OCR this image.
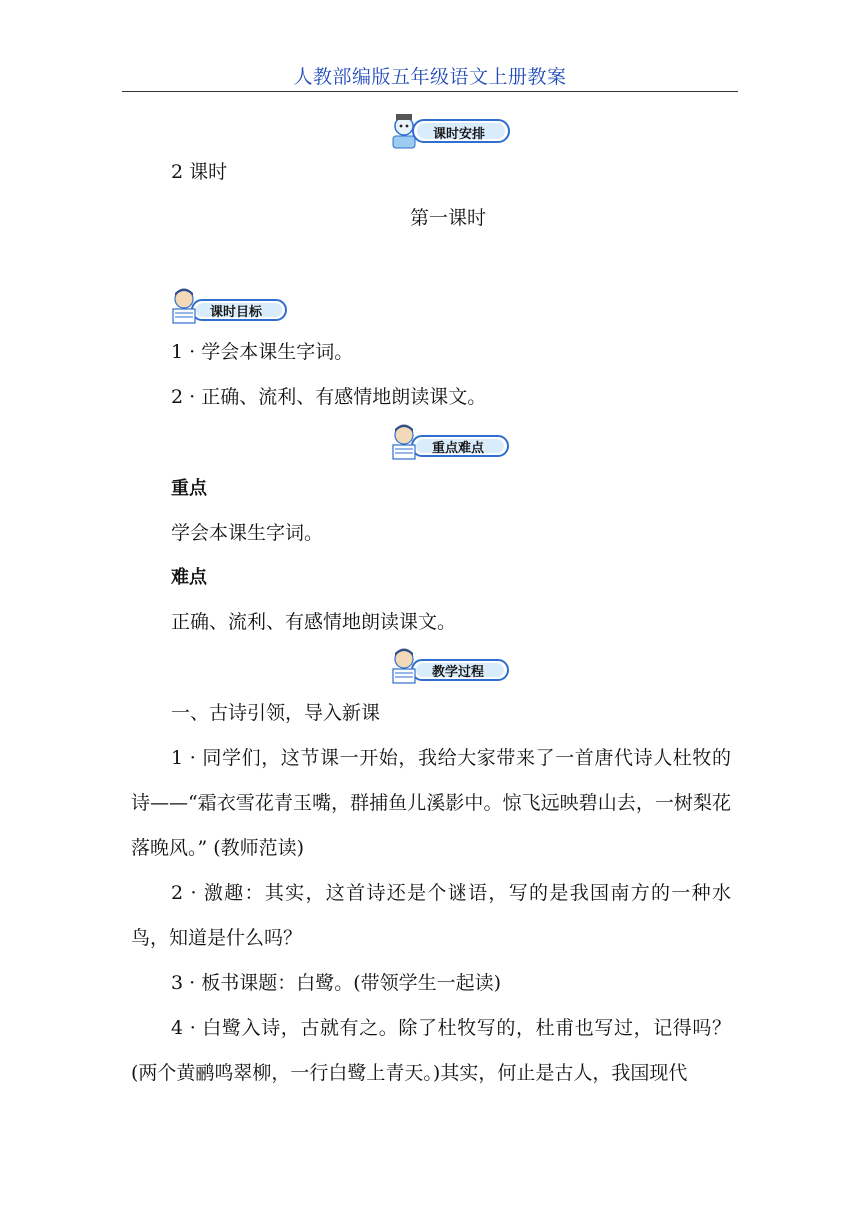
人教部编版五年级语文上册教案
课时安排
2 课时
第一课时
课时目标
1 · 学会本课生字词。
2 · 正确、流利、有感情地朗读课文。
重点难点
重点
学会本课生字词。
难点
正确、流利、有感情地朗读课文。
教学过程
一、古诗引领，导入新课
1 · 同学们，这节课一开始，我给大家带来了一首唐代诗人杜牧的诗——“霜衣雪花青玉嘴，群捕鱼儿溪影中。惊飞远映碧山去，一树梨花落晚风。” (教师范读)
2 · 激趣：其实，这首诗还是个谜语，写的是我国南方的一种水鸟，知道是什么吗？
3 · 板书课题：白鹭。(带领学生一起读)
4 · 白鹭入诗，古就有之。除了杜牧写的，杜甫也写过，记得吗？(两个黄鹂鸣翠柳，一行白鹭上青天。)其实，何止是古人，我国现代
